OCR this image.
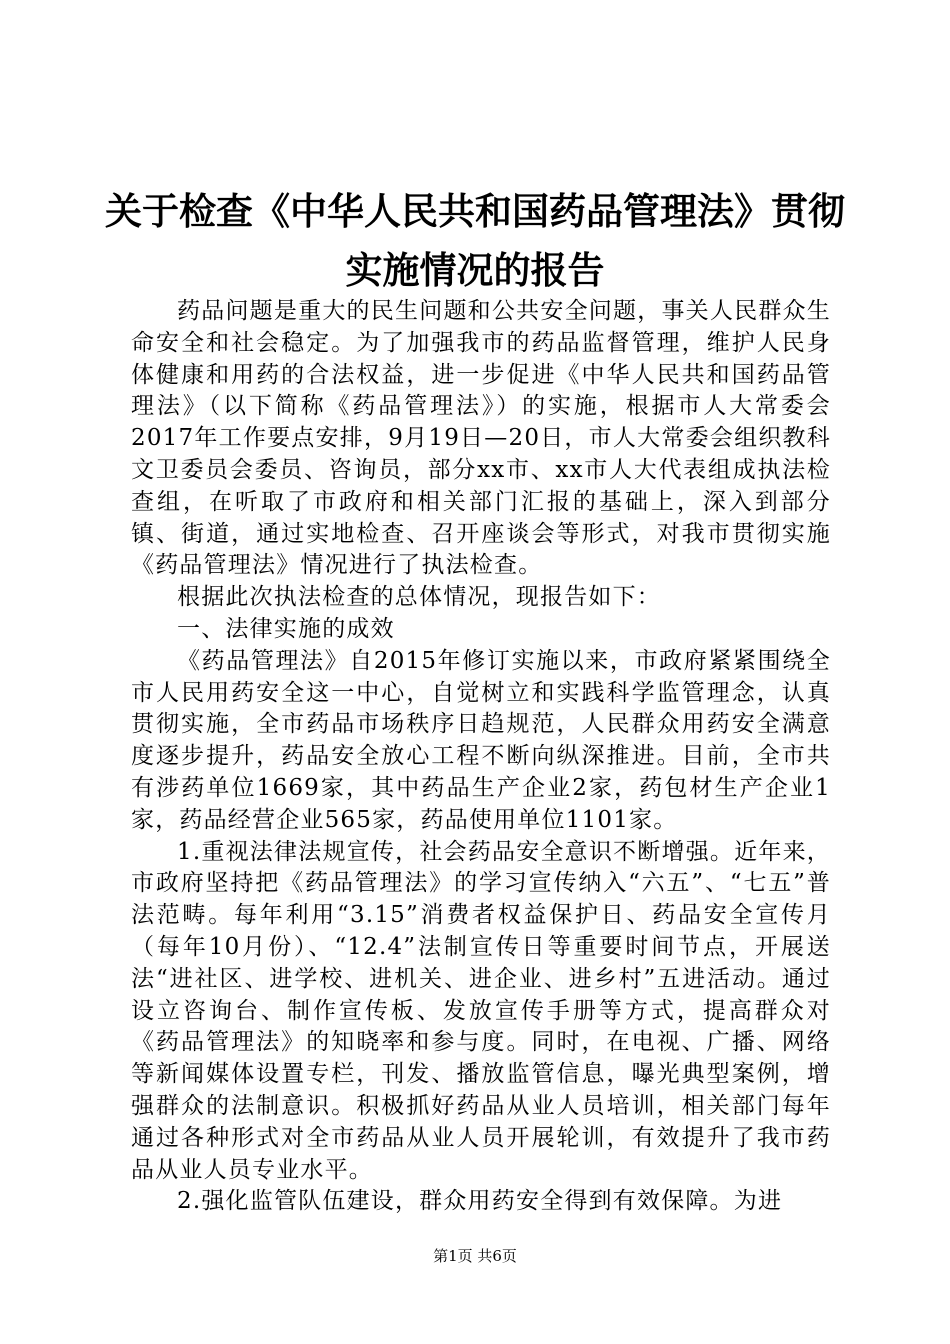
关于检查《中华人民共和国药品管理法》贯彻
实施情况的报告

药品问题是重大的民生问题和公共安全问题，事关人民群众生命安全和社会稳定。为了加强我市的药品监督管理，维护人民身体健康和用药的合法权益，进一步促进《中华人民共和国药品管理法》（以下简称《药品管理法》）的实施，根据市人大常委会2017年工作要点安排，9月19日—20日，市人大常委会组织教科文卫委员会委员、咨询员，部分xx市、xx市人大代表组成执法检查组，在听取了市政府和相关部门汇报的基础上，深入到部分镇、街道，通过实地检查、召开座谈会等形式，对我市贯彻实施《药品管理法》情况进行了执法检查。

根据此次执法检查的总体情况，现报告如下：

一、法律实施的成效

《药品管理法》自2015年修订实施以来，市政府紧紧围绕全市人民用药安全这一中心，自觉树立和实践科学监管理念，认真贯彻实施，全市药品市场秩序日趋规范，人民群众用药安全满意度逐步提升，药品安全放心工程不断向纵深推进。目前，全市共有涉药单位1669家，其中药品生产企业2家，药包材生产企业1家，药品经营企业565家，药品使用单位1101家。

1.重视法律法规宣传，社会药品安全意识不断增强。近年来，市政府坚持把《药品管理法》的学习宣传纳入“六五”、“七五”普法范畴。每年利用“3.15”消费者权益保护日、药品安全宣传月（每年10月份）、“12.4”法制宣传日等重要时间节点，开展送法“进社区、进学校、进机关、进企业、进乡村”五进活动。通过设立咨询台、制作宣传板、发放宣传手册等方式，提高群众对《药品管理法》的知晓率和参与度。同时，在电视、广播、网络等新闻媒体设置专栏，刊发、播放监管信息，曝光典型案例，增强群众的法制意识。积极抓好药品从业人员培训，相关部门每年通过各种形式对全市药品从业人员开展轮训，有效提升了我市药品从业人员专业水平。

2.强化监管队伍建设，群众用药安全得到有效保障。为进

第1页 共6页
